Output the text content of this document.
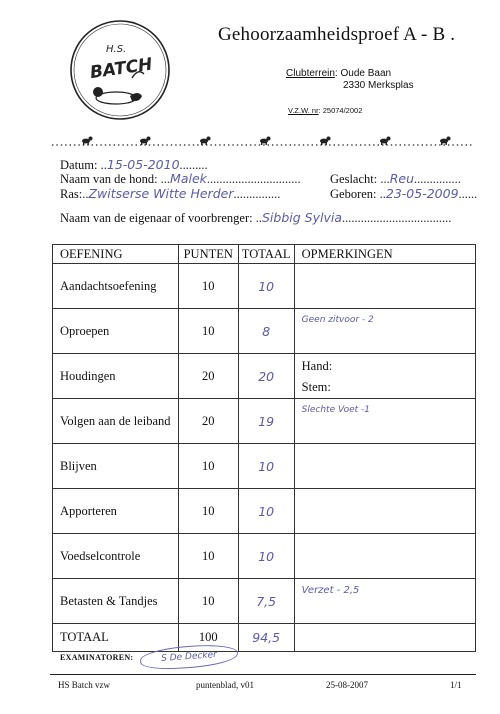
H.S.
BATCH
Gehoorzaamheidsproef A - B .
Clubterrein: Oude Baan
2330 Merksplas
V.Z.W. nr: 25074/2002
Datum: ..15-05-2010.........
Naam van de hond: ...Malek.............................. Geslacht: ...Reu...............
Ras:..Zwitserse Witte Herder...............	Geboren: ..23-05-2009......
Naam van de eigenaar of voorbrenger: ..Sibbig Sylvia...................................
OEFENING	PUNTEN	TOTAAL	OPMERKINGEN
Aandachtsoefening	10	10	
Oproepen	10	8	Geen zitvoor - 2
Houdingen	20	20	Hand:
Stem:

Volgen aan de leiband	20	19	Slechte Voet -1
Blijven	10	10	
Apporteren	10	10	
Voedselcontrole	10	10	
Betasten & Tandjes	10	7,5	Verzet - 2,5
TOTAAL	100	94,5	
EXAMINATOREN:	S De Decker
HS Batch vzw	puntenblad, v01	25-08-2007	1/1
